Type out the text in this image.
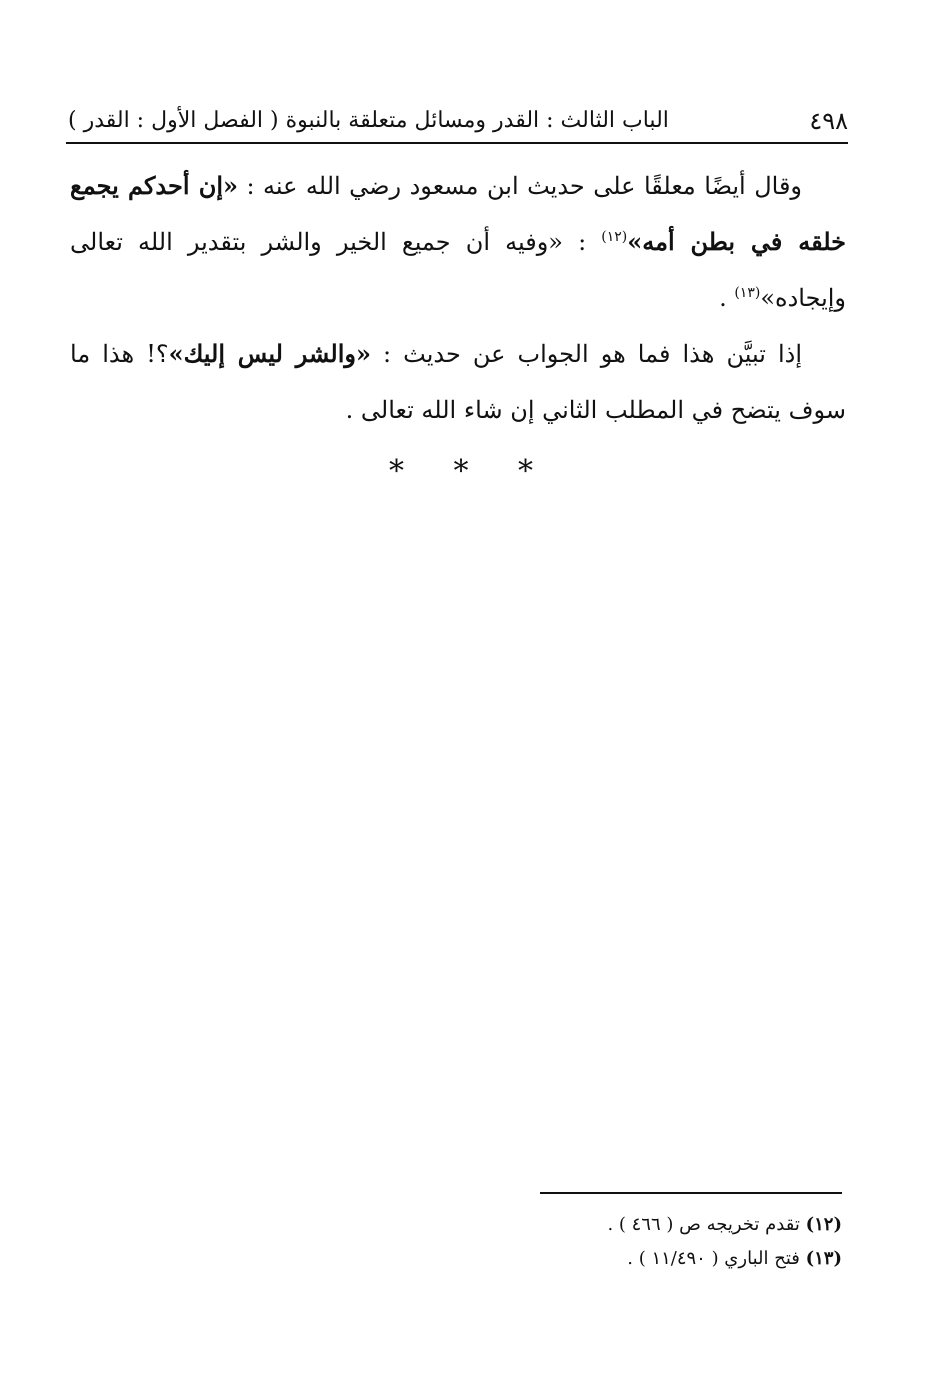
٤٩٨
الباب الثالث : القدر ومسائل متعلقة بالنبوة ( الفصل الأول : القدر )

وقال أيضًا معلقًا على حديث ابن مسعود رضي الله عنه : «إن أحدكم يجمع خلقه في بطن أمه»$^{(١٢)}$ : «وفيه أن جميع الخير والشر بتقدير الله تعالى وإيجاده»$^{(١٣)}$ .

إذا تبيَّن هذا فما هو الجواب عن حديث : «والشر ليس إليك»؟! هذا ما سوف يتضح في المطلب الثاني إن شاء الله تعالى .

* * *

(١٢) تقدم تخريجه ص ( ٤٦٦ ) .

(١٣) فتح الباري ( ١١/٤٩٠ ) .
